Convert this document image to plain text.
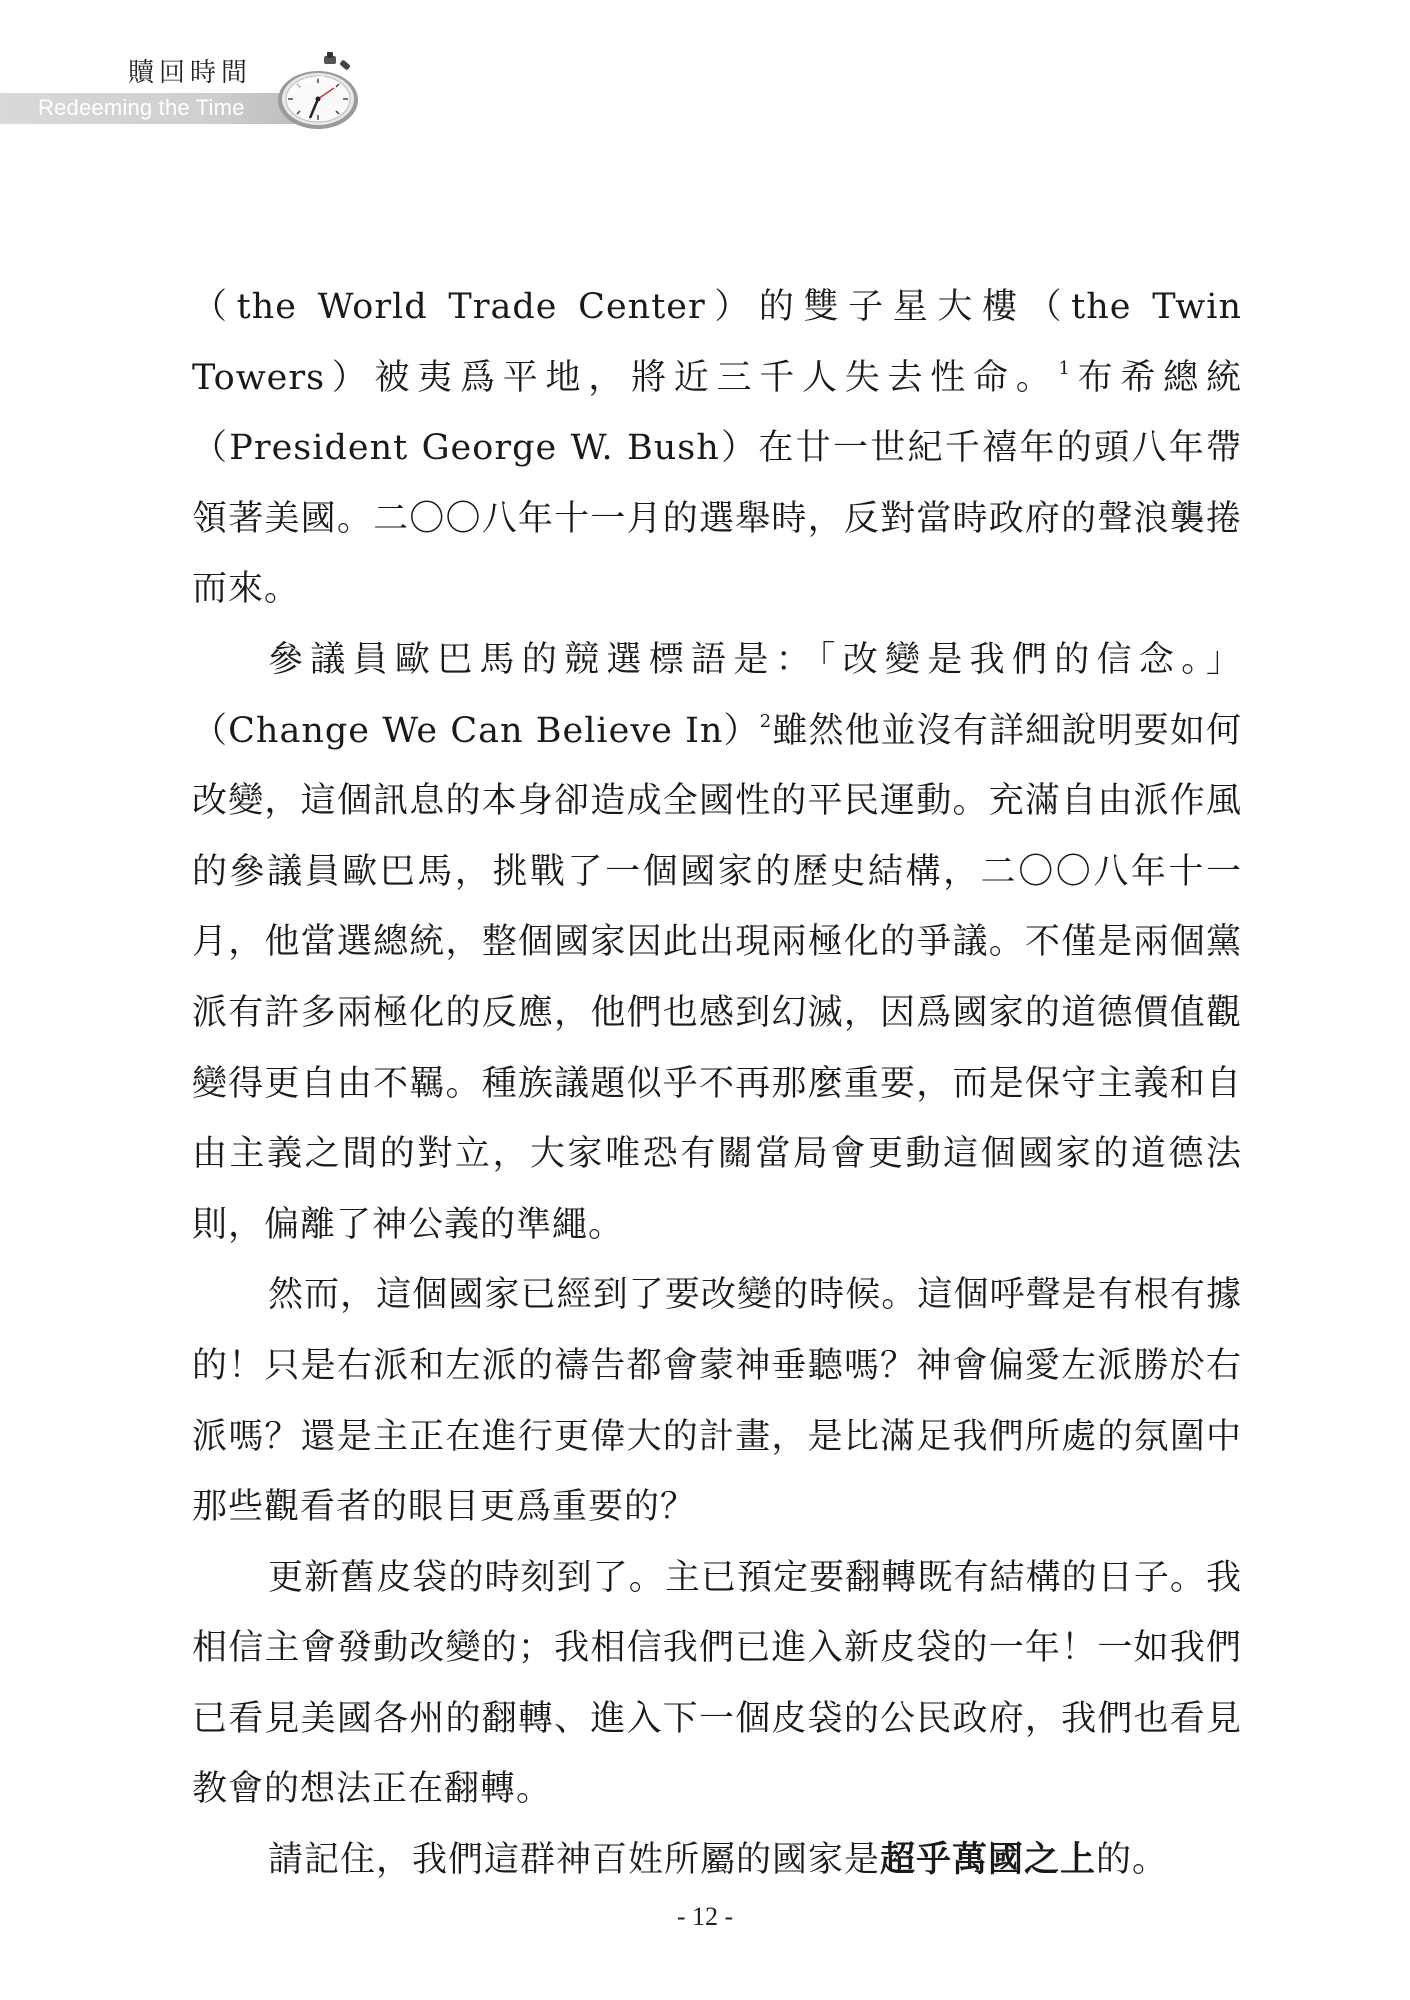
贖回時間
Redeeming the Time

（the World Trade Center）的雙子星大樓（the Twin Towers）被夷爲平地，將近三千人失去性命。$^1$布希總統（President George W. Bush）在廿一世紀千禧年的頭八年帶領著美國。二〇〇八年十一月的選舉時，反對當時政府的聲浪襲捲而來。

參議員歐巴馬的競選標語是：「改變是我們的信念。」（Change We Can Believe In）$^2$雖然他並沒有詳細說明要如何改變，這個訊息的本身卻造成全國性的平民運動。充滿自由派作風的參議員歐巴馬，挑戰了一個國家的歷史結構，二〇〇八年十一月，他當選總統，整個國家因此出現兩極化的爭議。不僅是兩個黨派有許多兩極化的反應，他們也感到幻滅，因爲國家的道德價值觀變得更自由不羈。種族議題似乎不再那麼重要，而是保守主義和自由主義之間的對立，大家唯恐有關當局會更動這個國家的道德法則，偏離了神公義的準繩。

然而，這個國家已經到了要改變的時候。這個呼聲是有根有據的！只是右派和左派的禱告都會蒙神垂聽嗎？神會偏愛左派勝於右派嗎？還是主正在進行更偉大的計畫，是比滿足我們所處的氛圍中那些觀看者的眼目更爲重要的？

更新舊皮袋的時刻到了。主已預定要翻轉既有結構的日子。我相信主會發動改變的；我相信我們已進入新皮袋的一年！一如我們已看見美國各州的翻轉、進入下一個皮袋的公民政府，我們也看見教會的想法正在翻轉。

請記住，我們這群神百姓所屬的國家是超乎萬國之上的。

- 12 -
